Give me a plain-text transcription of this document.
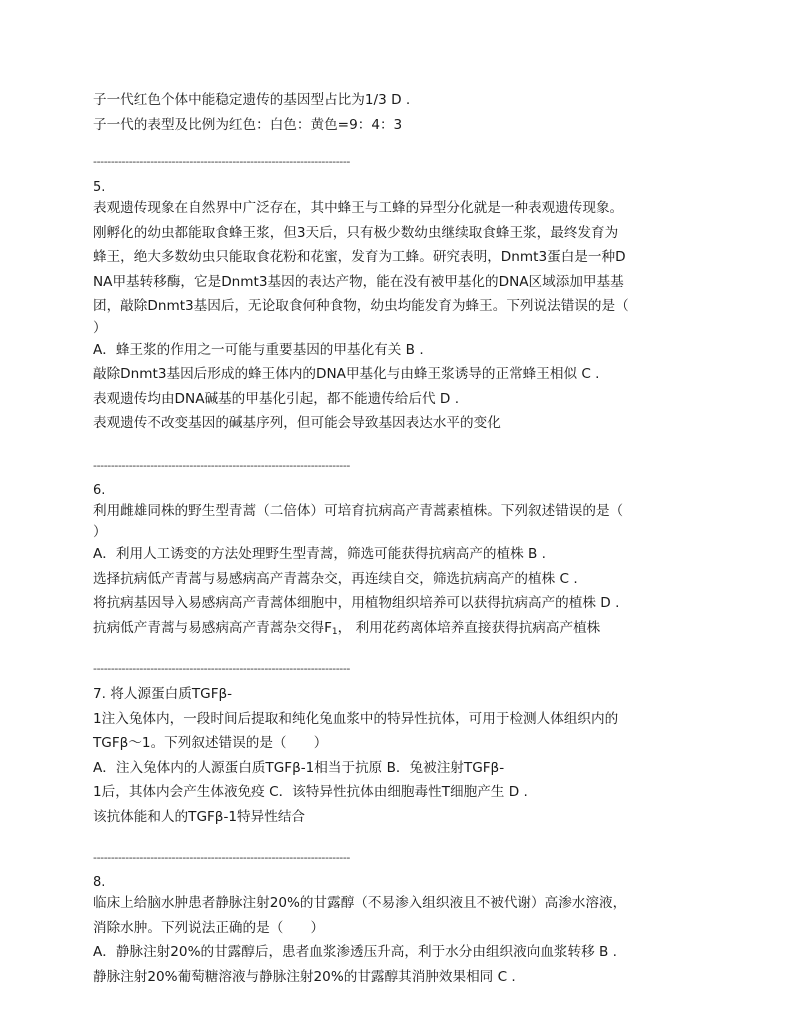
子一代红色个体中能稳定遗传的基因型占比为1/3 D .
子一代的表型及比例为红色：白色：黄色=9：4：3
------------------------------------------------------------------------
5.
表观遗传现象在自然界中广泛存在，其中蜂王与工蜂的异型分化就是一种表观遗传现象。
刚孵化的幼虫都能取食蜂王浆，但3天后，只有极少数幼虫继续取食蜂王浆，最终发育为
蜂王，绝大多数幼虫只能取食花粉和花蜜，发育为工蜂。研究表明，Dnmt3蛋白是一种D
NA甲基转移酶，它是Dnmt3基因的表达产物，能在没有被甲基化的DNA区域添加甲基基
团，敲除Dnmt3基因后，无论取食何种食物，幼虫均能发育为蜂王。下列说法错误的是（
）
A．蜂王浆的作用之一可能与重要基因的甲基化有关 B .
敲除Dnmt3基因后形成的蜂王体内的DNA甲基化与由蜂王浆诱导的正常蜂王相似 C .
表观遗传均由DNA碱基的甲基化引起，都不能遗传给后代 D .
表观遗传不改变基因的碱基序列，但可能会导致基因表达水平的变化
------------------------------------------------------------------------
6.
利用雌雄同株的野生型青蒿（二倍体）可培育抗病高产青蒿素植株。下列叙述错误的是（
）
A．利用人工诱变的方法处理野生型青蒿，筛选可能获得抗病高产的植株 B .
选择抗病低产青蒿与易感病高产青蒿杂交，再连续自交，筛选抗病高产的植株 C .
将抗病基因导入易感病高产青蒿体细胞中，用植物组织培养可以获得抗病高产的植株 D .
抗病低产青蒿与易感病高产青蒿杂交得$F_1$， 利用花药离体培养直接获得抗病高产植株
------------------------------------------------------------------------
7. 将人源蛋白质TGFβ-
1注入兔体内，一段时间后提取和纯化兔血浆中的特异性抗体，可用于检测人体组织内的
TGFβ～1。下列叙述错误的是（　　）
A．注入兔体内的人源蛋白质TGFβ-1相当于抗原 B．兔被注射TGFβ-
1后，其体内会产生体液免疫 C．该特异性抗体由细胞毒性T细胞产生 D .
该抗体能和人的TGFβ-1特异性结合
------------------------------------------------------------------------
8.
临床上给脑水肿患者静脉注射20%的甘露醇（不易渗入组织液且不被代谢）高渗水溶液，
消除水肿。下列说法正确的是（　　）
A．静脉注射20%的甘露醇后，患者血浆渗透压升高，利于水分由组织液向血浆转移 B .
静脉注射20%葡萄糖溶液与静脉注射20%的甘露醇其消肿效果相同 C .
